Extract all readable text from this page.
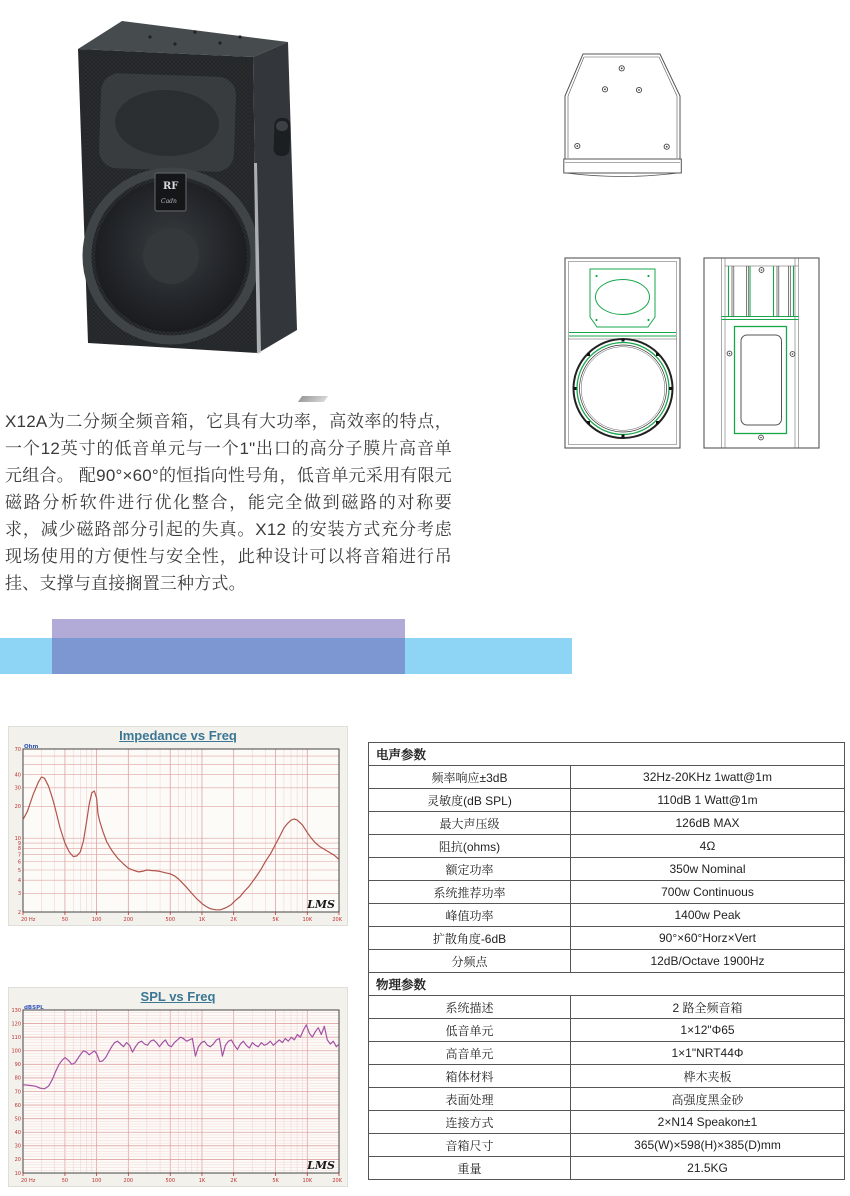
RF
Cadn

X12A为二分频全频音箱，它具有大功率，高效率的特点，一个12英寸的低音单元与一个1"出口的高分子膜片高音单元组合。 配90°×60°的恒指向性号角，低音单元采用有限元磁路分析软件进行优化整合，能完全做到磁路的对称要求，减少磁路部分引起的失真。X12 的安装方式充分考虑现场使用的方便性与安全性，此种设计可以将音箱进行吊挂、支撑与直接搁置三种方式。

Impedance vs Freq
70
40
30
20
10
9
8
7
6
5
4
3
2
20 Hz	50	100	200	500	1K	2K	5K	10K	20K
Ohm
LMS
SPL vs Freq
130
120
110
100
90
80
70
60
50
40
30
20
10
20 Hz	50	100	200	500	1K	2K	5K	10K	20K
dBSPL
LMS
电声参数	
频率响应±3dB	32Hz-20KHz 1watt@1m
灵敏度(dB SPL)	110dB 1 Watt@1m
最大声压级	126dB MAX
阻抗(ohms)	4Ω
额定功率	350w Nominal
系统推荐功率	700w Continuous
峰值功率	1400w Peak
扩散角度-6dB	90°×60°Horz×Vert
分频点	12dB/Octave 1900Hz
物理参数	
系统描述	2 路全频音箱
低音单元	1×12"Φ65
高音单元	1×1"NRT44Φ
箱体材料	桦木夹板
表面处理	高强度黑金砂
连接方式	2×N14 Speakon±1
音箱尺寸	365(W)×598(H)×385(D)mm
重量	21.5KG
